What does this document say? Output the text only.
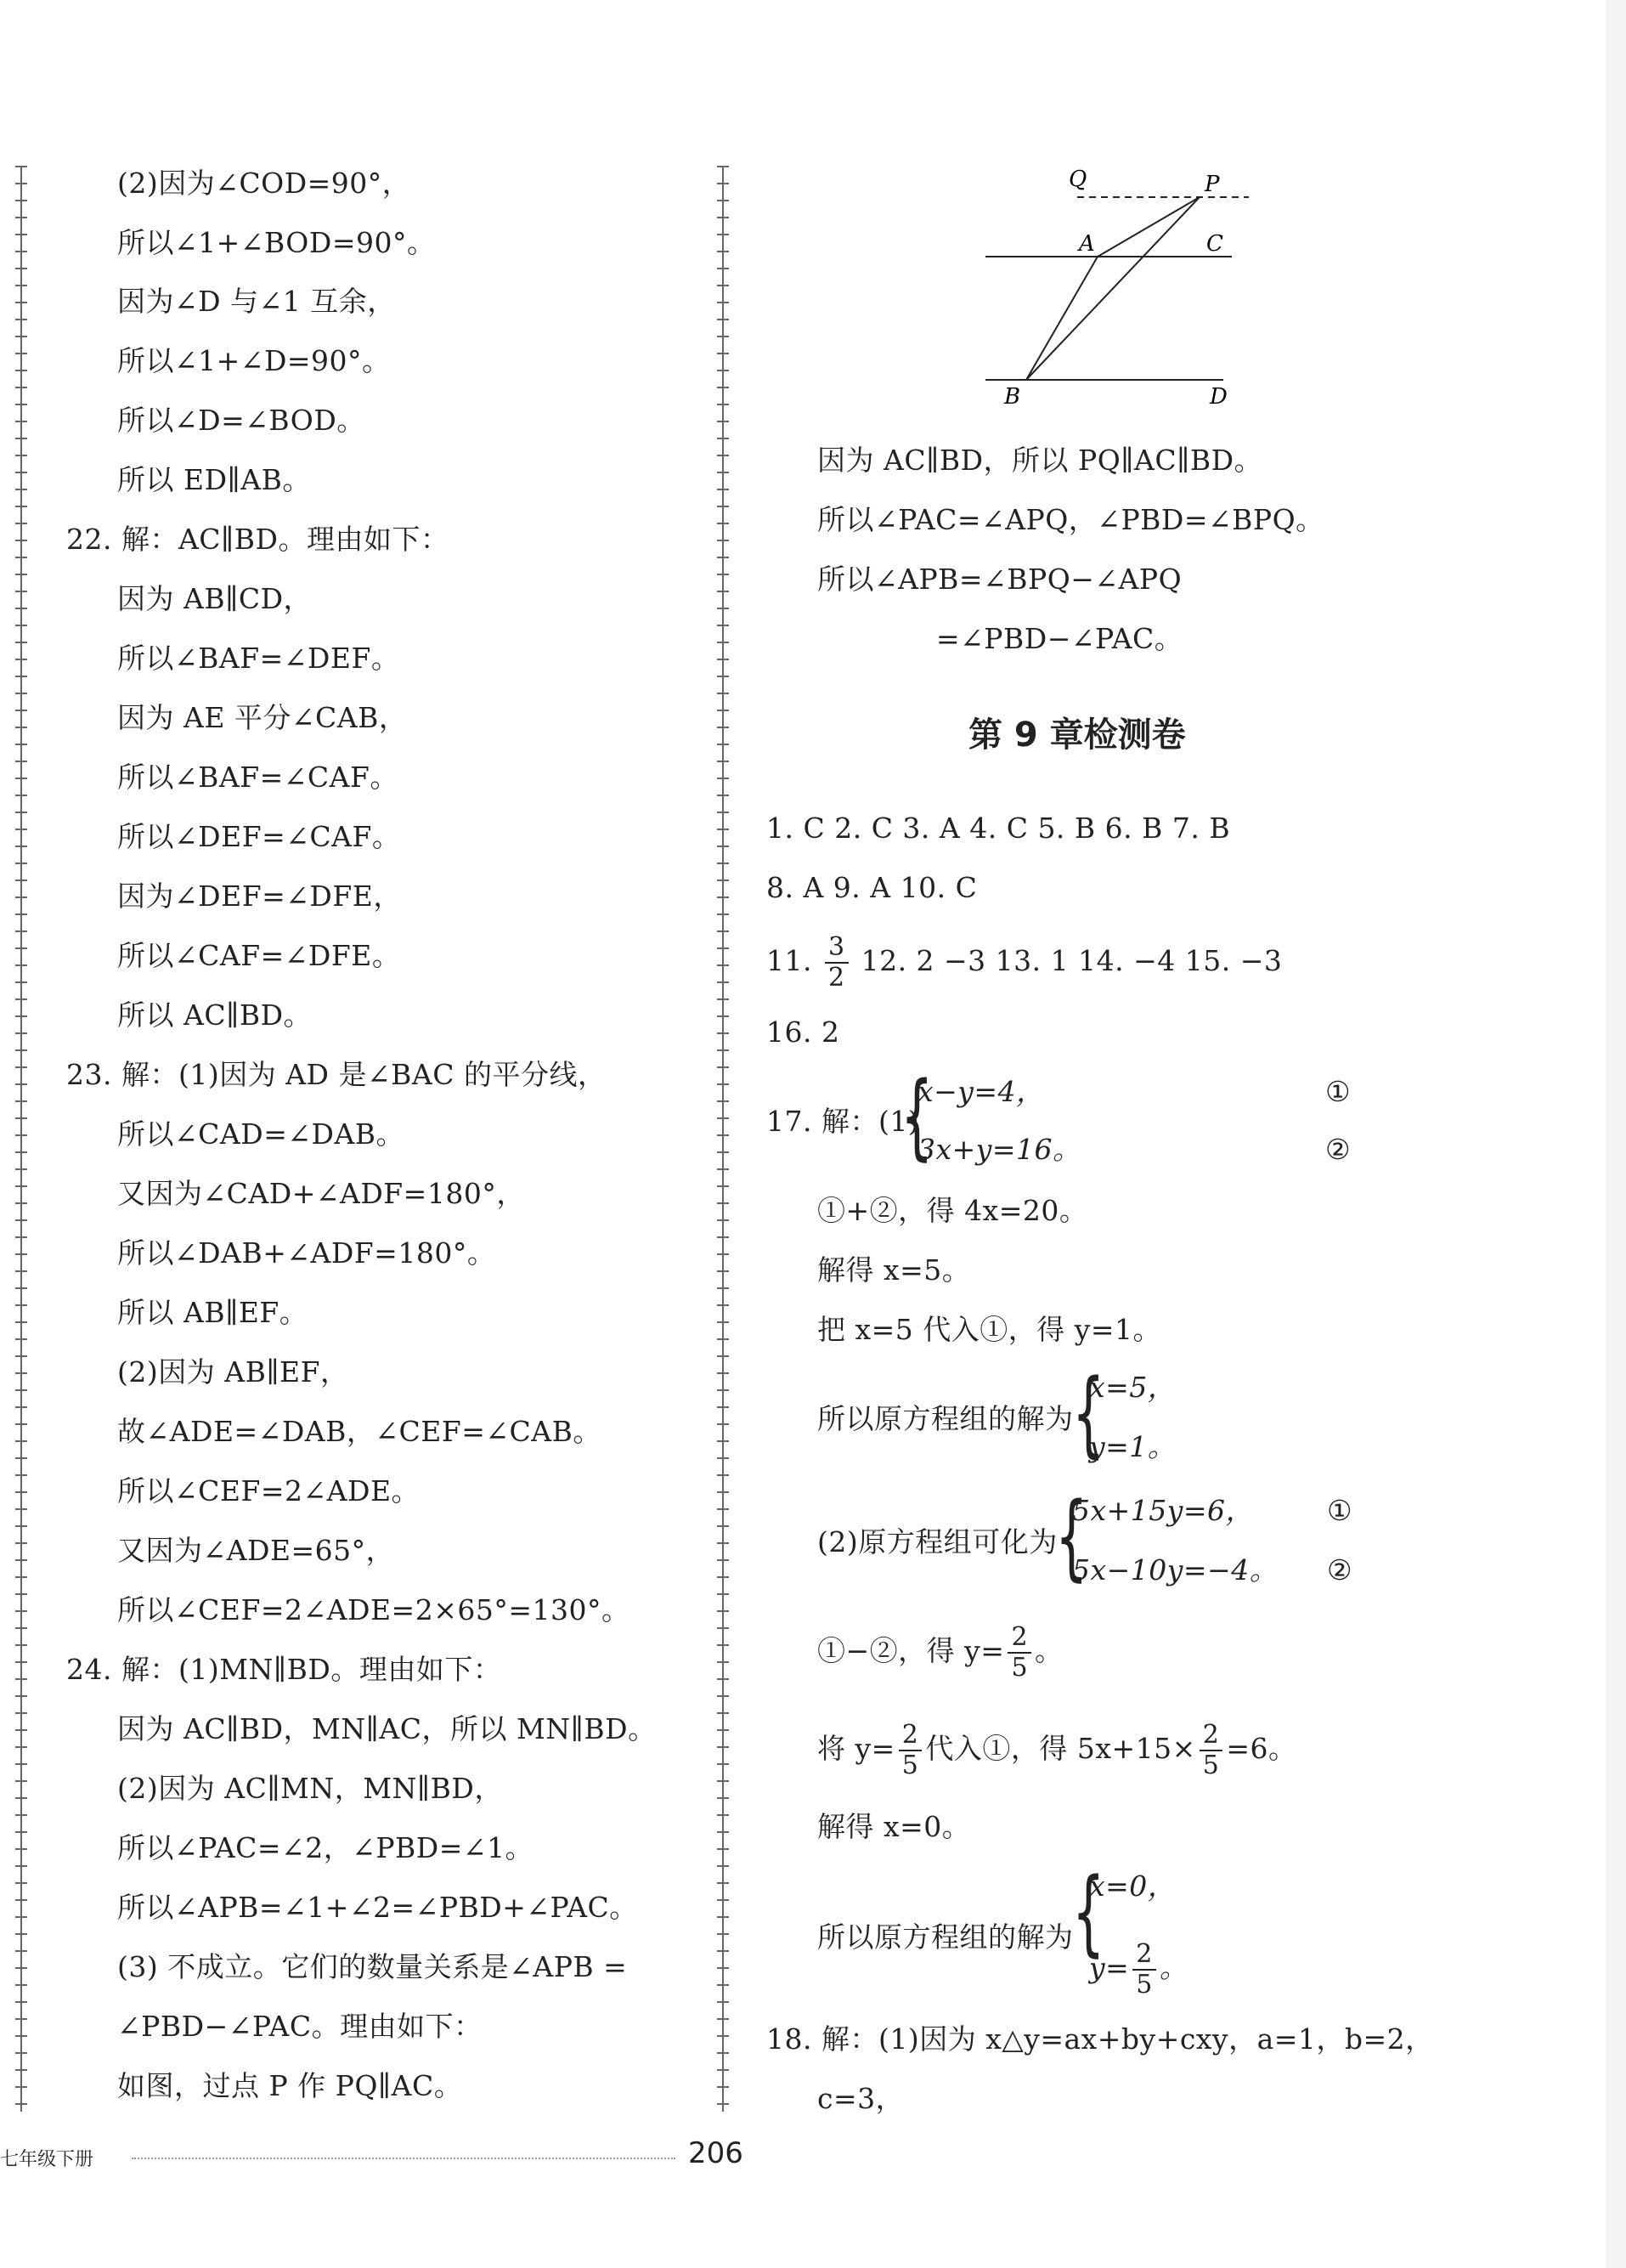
(2)因为∠COD=90°，
所以∠1+∠BOD=90°。
因为∠D 与∠1 互余，
所以∠1+∠D=90°。
所以∠D=∠BOD。
所以 ED∥AB。
22. 解：AC∥BD。理由如下：
因为 AB∥CD，
所以∠BAF=∠DEF。
因为 AE 平分∠CAB，
所以∠BAF=∠CAF。
所以∠DEF=∠CAF。
因为∠DEF=∠DFE，
所以∠CAF=∠DFE。
所以 AC∥BD。
23. 解：(1)因为 AD 是∠BAC 的平分线，
所以∠CAD=∠DAB。
又因为∠CAD+∠ADF=180°，
所以∠DAB+∠ADF=180°。
所以 AB∥EF。
(2)因为 AB∥EF，
故∠ADE=∠DAB，∠CEF=∠CAB。
所以∠CEF=2∠ADE。
又因为∠ADE=65°，
所以∠CEF=2∠ADE=2×65°=130°。
24. 解：(1)MN∥BD。理由如下：
因为 AC∥BD，MN∥AC，所以 MN∥BD。
(2)因为 AC∥MN，MN∥BD，
所以∠PAC=∠2，∠PBD=∠1。
所以∠APB=∠1+∠2=∠PBD+∠PAC。
(3) 不成立。它们的数量关系是∠APB =
∠PBD−∠PAC。理由如下：
如图，过点 P 作 PQ∥AC。
Q	P
A	C
B	D
因为 AC∥BD，所以 PQ∥AC∥BD。
所以∠PAC=∠APQ，∠PBD=∠BPQ。
所以∠APB=∠BPQ−∠APQ
=∠PBD−∠PAC。
第 9 章检测卷
1. C 2. C 3. A 4. C 5. B 6. B 7. B
8. A 9. A 10. C
11. $\frac{3}{2} 12$. 2 −3 13. 1 14. −4 15. −3
16. 2
17. 解：(1)
{
x−y=4，
3x+y=16。
①
②
①+②，得 4x=20。
解得 x=5。
把 x=5 代入①，得 y=1。
所以原方程组的解为
{
x=5，
y=1。
(2)原方程组可化为
{
5x+15y=6，
5x−10y=−4。
①
②
①−②，得 $y= \frac{2}{5}$ 。
将 $y= \frac{2}{5}$ 代入①，得 $5x+15\times \frac{2}{5} =6$。
解得 x=0。
所以原方程组的解为
{
x=0，
$y= \frac{2}{5}$ 。
18. 解：(1)因为 x△y=ax+by+cxy，a=1，b=2，
c=3，
七年级下册	206
